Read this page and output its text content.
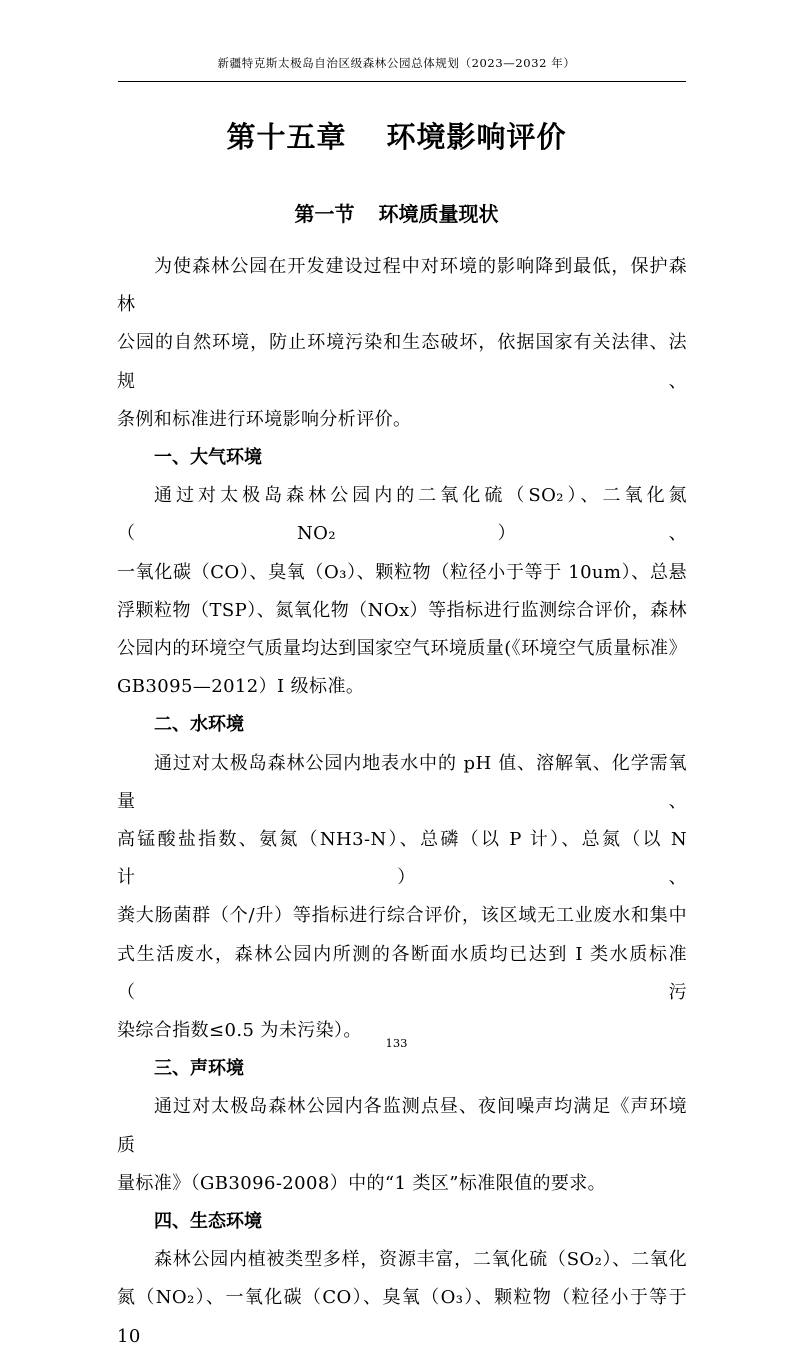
新疆特克斯太极岛自治区级森林公园总体规划（2023—2032 年）
第十五章 环境影响评价
第一节 环境质量现状
为使森林公园在开发建设过程中对环境的影响降到最低，保护森林
公园的自然环境，防止环境污染和生态破坏，依据国家有关法律、法规、
条例和标准进行环境影响分析评价。
一、大气环境
通过对太极岛森林公园内的二氧化硫（SO₂）、二氧化氮（NO₂）、
一氧化碳（CO）、臭氧（O₃）、颗粒物（粒径小于等于 10um）、总悬
浮颗粒物（TSP）、氮氧化物（NOx）等指标进行监测综合评价，森林
公园内的环境空气质量均达到国家空气环境质量(《环境空气质量标准》
GB3095—2012）I 级标准。
二、水环境
通过对太极岛森林公园内地表水中的 pH 值、溶解氧、化学需氧量、
高锰酸盐指数、氨氮（NH3-N）、总磷（以 P 计）、总氮（以 N 计）、
粪大肠菌群（个/升）等指标进行综合评价，该区域无工业废水和集中
式生活废水，森林公园内所测的各断面水质均已达到 I 类水质标准（污
染综合指数≤0.5 为未污染）。
三、声环境
通过对太极岛森林公园内各监测点昼、夜间噪声均满足《声环境质
量标准》（GB3096-2008）中的“1 类区”标准限值的要求。
四、生态环境
森林公园内植被类型多样，资源丰富，二氧化硫（SO₂）、二氧化
氮（NO₂）、一氧化碳（CO）、臭氧（O₃）、颗粒物（粒径小于等于 10
133
